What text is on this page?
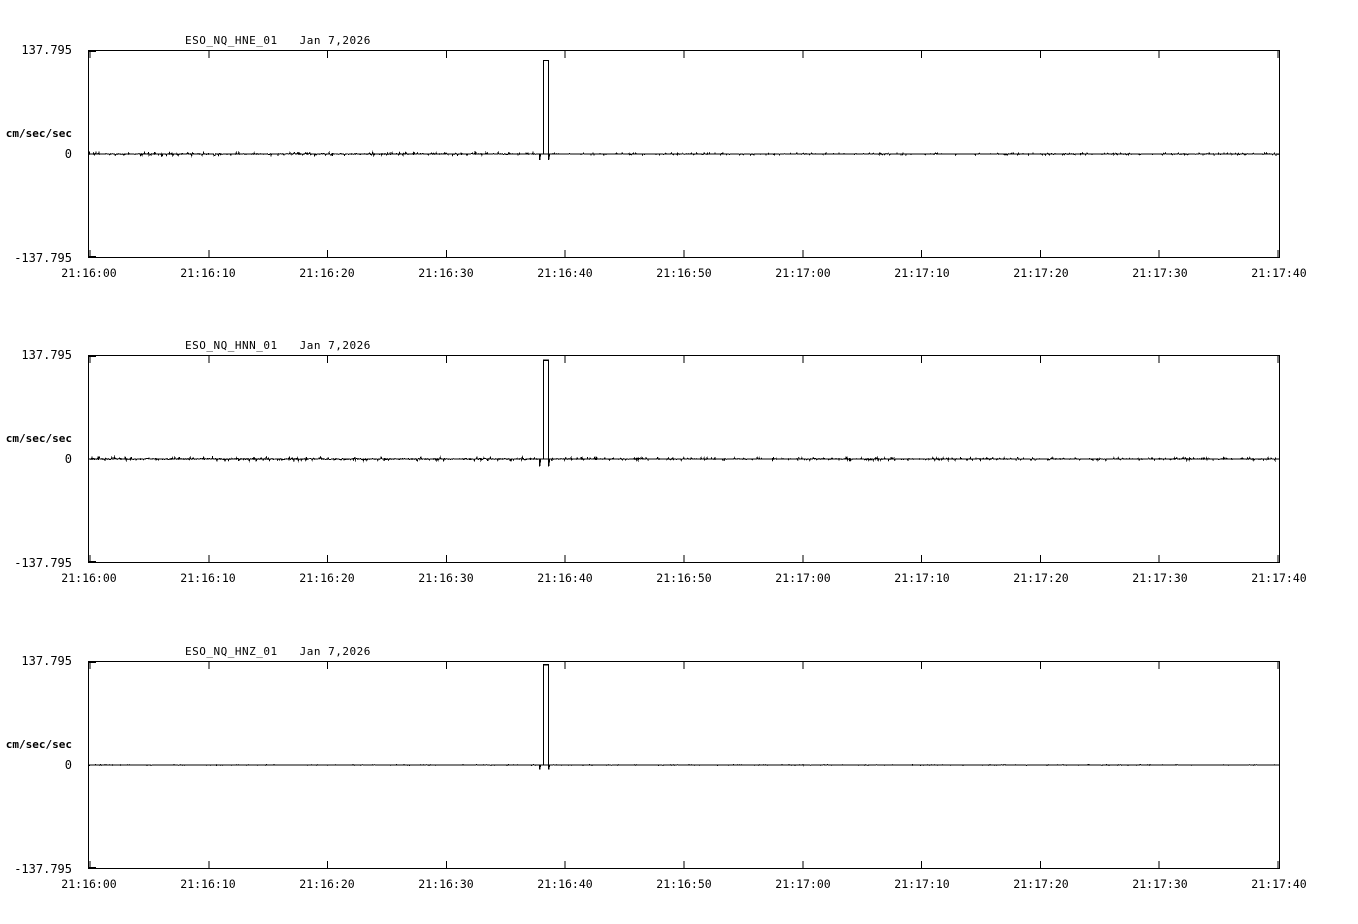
ESO_NQ_HNE_01 Jan 7,2026
137.795
cm/sec/sec
0
-137.795
21:16:00	21:16:10	21:16:20	21:16:30	21:16:40	21:16:50	21:17:00	21:17:10	21:17:20	21:17:30	21:17:40
ESO_NQ_HNN_01 Jan 7,2026
137.795
cm/sec/sec
0
-137.795
21:16:00	21:16:10	21:16:20	21:16:30	21:16:40	21:16:50	21:17:00	21:17:10	21:17:20	21:17:30	21:17:40
ESO_NQ_HNZ_01 Jan 7,2026
137.795
cm/sec/sec
0
-137.795
21:16:00	21:16:10	21:16:20	21:16:30	21:16:40	21:16:50	21:17:00	21:17:10	21:17:20	21:17:30	21:17:40
